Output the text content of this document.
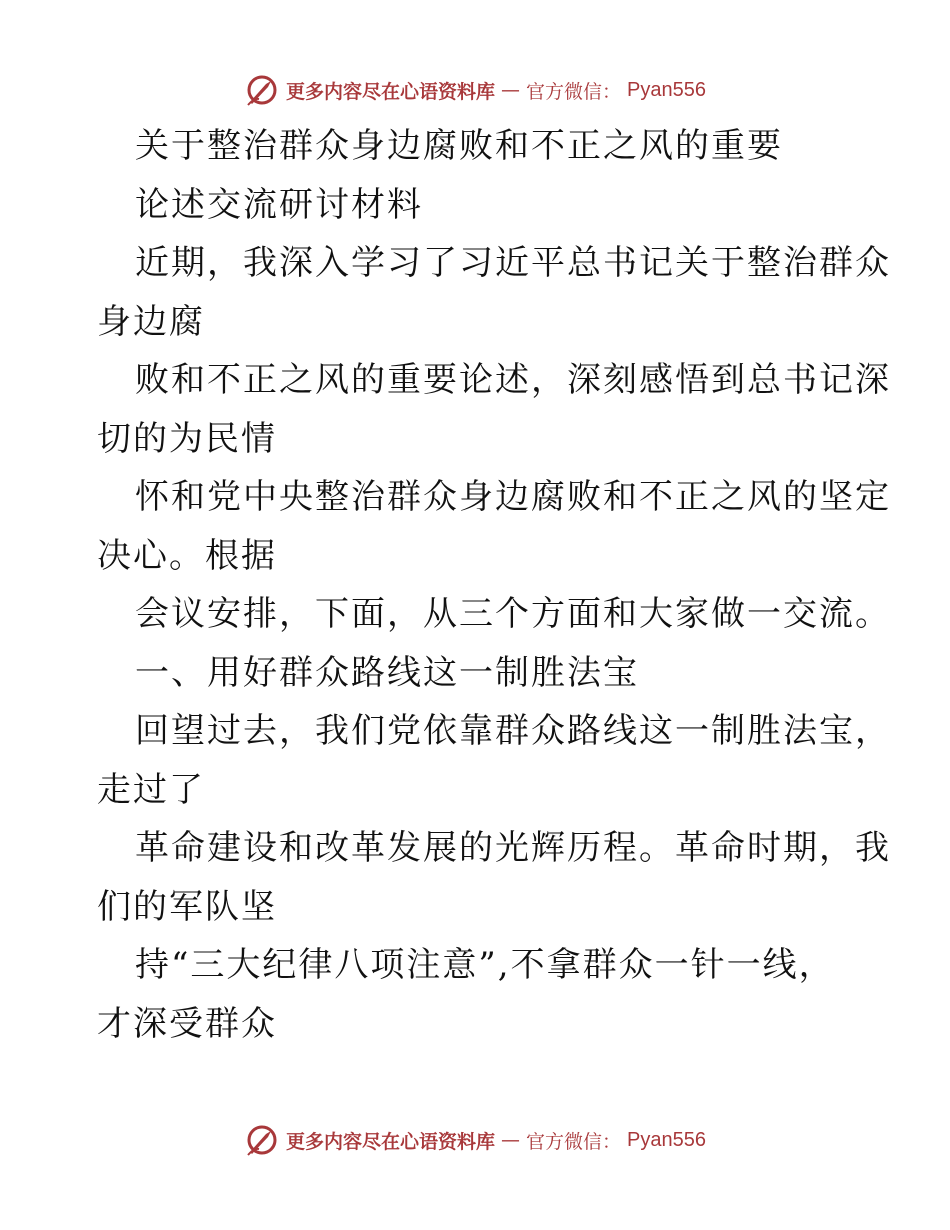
更多内容尽在心语资料库 — 官方微信： Pyan556
关于整治群众身边腐败和不正之风的重要
论述交流研讨材料
近期，我深入学习了习近平总书记关于整治群众
身边腐
败和不正之风的重要论述，深刻感悟到总书记深
切的为民情
怀和党中央整治群众身边腐败和不正之风的坚定
决心。根据
会议安排，下面，从三个方面和大家做一交流。
一、用好群众路线这一制胜法宝
回望过去，我们党依靠群众路线这一制胜法宝，
走过了
革命建设和改革发展的光辉历程。革命时期，我
们的军队坚
持“三大纪律八项注意”,不拿群众一针一线，
才深受群众
更多内容尽在心语资料库 — 官方微信： Pyan556
